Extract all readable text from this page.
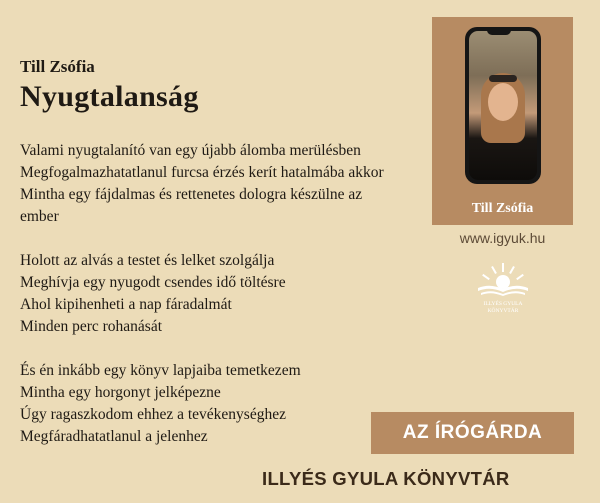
Till Zsófia
Nyugtalanság
Valami nyugtalanító van egy újabb álomba merülésben
Megfogalmazhatatlanul furcsa érzés kerít hatalmába akkor
Mintha egy fájdalmas és rettenetes dologra készülne az
ember
Holott az alvás a testet és lelket szolgálja
Meghívja egy nyugodt csendes idő töltésre
Ahol kipihenheti a nap fáradalmát
Minden perc rohanását
És én inkább egy könyv lapjaiba temetkezem
Mintha egy horgonyt jelképezne
Úgy ragaszkodom ehhez a tevékenységhez
Megfáradhatatlanul a jelenhez
Till Zsófia
www.igyuk.hu
ILLYÉS GYULA
KÖNYVTÁR
AZ ÍRÓGÁRDA
ILLYÉS GYULA KÖNYVTÁR
